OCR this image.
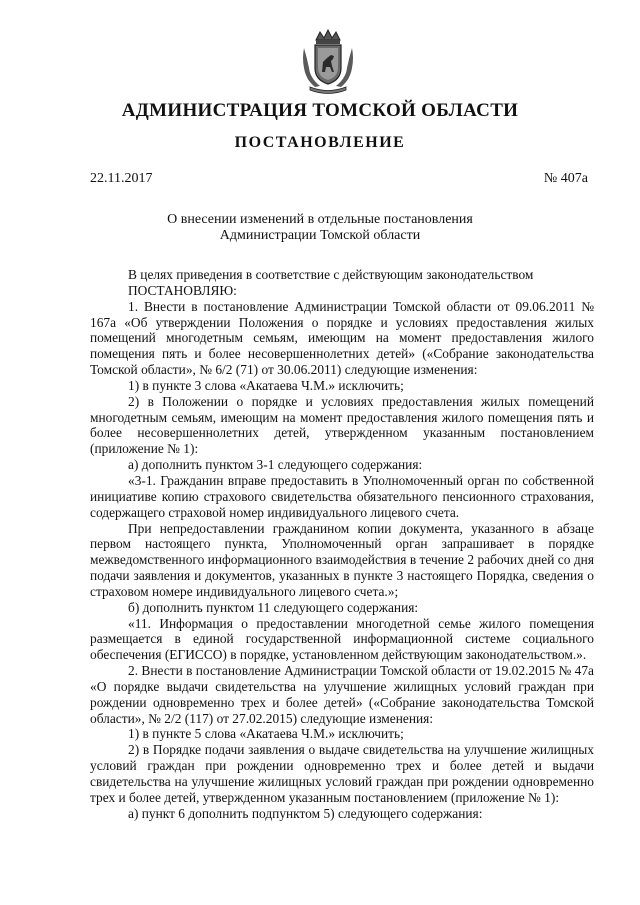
АДМИНИСТРАЦИЯ ТОМСКОЙ ОБЛАСТИ
ПОСТАНОВЛЕНИЕ
22.11.2017	№ 407а
О внесении изменений в отдельные постановления
Администрации Томской области

В целях приведения в соответствие с действующим законодательством

ПОСТАНОВЛЯЮ:

1. Внести в постановление Администрации Томской области от 09.06.2011 № 167а «Об утверждении Положения о порядке и условиях предоставления жилых помещений многодетным семьям, имеющим на момент предоставления жилого помещения пять и более несовершеннолетних детей» («Собрание законодательства Томской области», № 6/2 (71) от 30.06.2011) следующие изменения:

1) в пункте 3 слова «Акатаева Ч.М.» исключить;

2) в Положении о порядке и условиях предоставления жилых помещений многодетным семьям, имеющим на момент предоставления жилого помещения пять и более несовершеннолетних детей, утвержденном указанным постановлением (приложение № 1):

а) дополнить пунктом 3-1 следующего содержания:

«3-1. Гражданин вправе предоставить в Уполномоченный орган по собственной инициативе копию страхового свидетельства обязательного пенсионного страхования, содержащего страховой номер индивидуального лицевого счета.

При непредоставлении гражданином копии документа, указанного в абзаце первом настоящего пункта, Уполномоченный орган запрашивает в порядке межведомственного информационного взаимодействия в течение 2 рабочих дней со дня подачи заявления и документов, указанных в пункте 3 настоящего Порядка, сведения о страховом номере индивидуального лицевого счета.»;

б) дополнить пунктом 11 следующего содержания:

«11. Информация о предоставлении многодетной семье жилого помещения размещается в единой государственной информационной системе социального обеспечения (ЕГИССО) в порядке, установленном действующим законодательством.».

2. Внести в постановление Администрации Томской области от 19.02.2015 № 47а «О порядке выдачи свидетельства на улучшение жилищных условий граждан при рождении одновременно трех и более детей» («Собрание законодательства Томской области», № 2/2 (117) от 27.02.2015) следующие изменения:

1) в пункте 5 слова «Акатаева Ч.М.» исключить;

2) в Порядке подачи заявления о выдаче свидетельства на улучшение жилищных условий граждан при рождении одновременно трех и более детей и выдачи свидетельства на улучшение жилищных условий граждан при рождении одновременно трех и более детей, утвержденном указанным постановлением (приложение № 1):

а) пункт 6 дополнить подпунктом 5) следующего содержания:
